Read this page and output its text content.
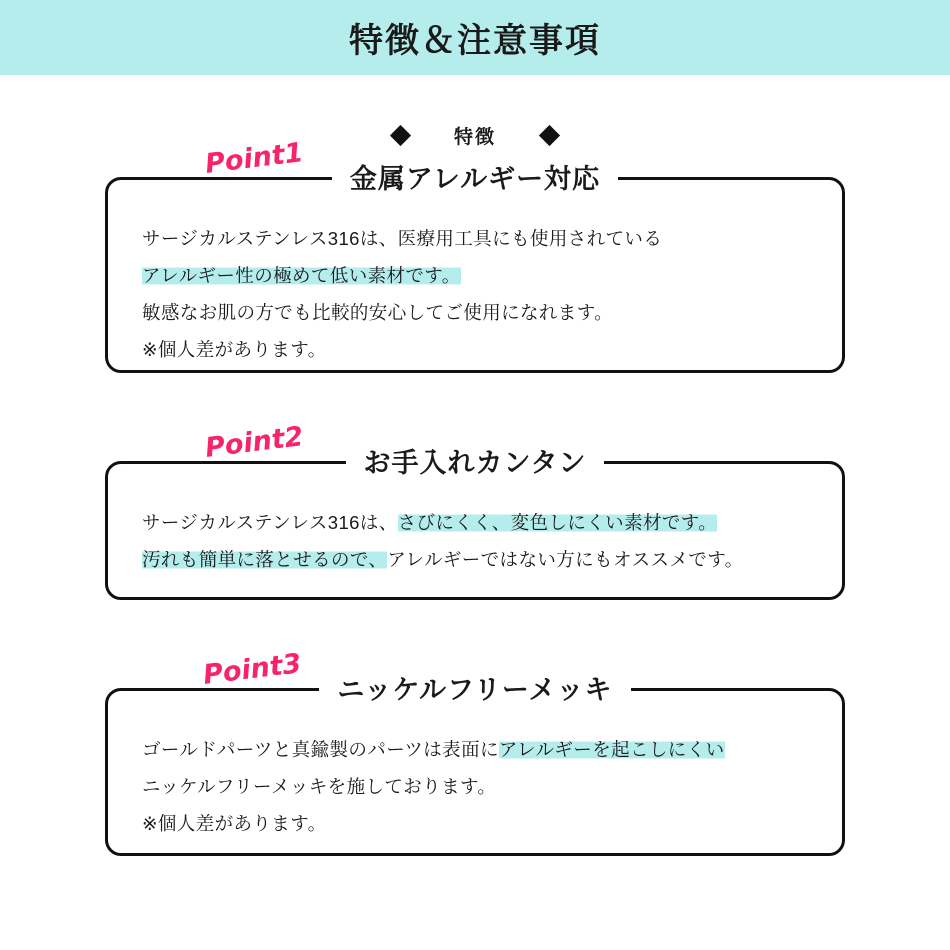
特徴＆注意事項
特徴
Point1	金属アレルギー対応
サージカルステンレス316は、医療用工具にも使用されている
アレルギー性の極めて低い素材です。
敏感なお肌の方でも比較的安心してご使用になれます。
※個人差があります。
Point2	お手入れカンタン
サージカルステンレス316は、さびにくく、変色しにくい素材です。
汚れも簡単に落とせるので、アレルギーではない方にもオススメです。
Point3	ニッケルフリーメッキ
ゴールドパーツと真鍮製のパーツは表面にアレルギーを起こしにくい
ニッケルフリーメッキを施しております。
※個人差があります。
